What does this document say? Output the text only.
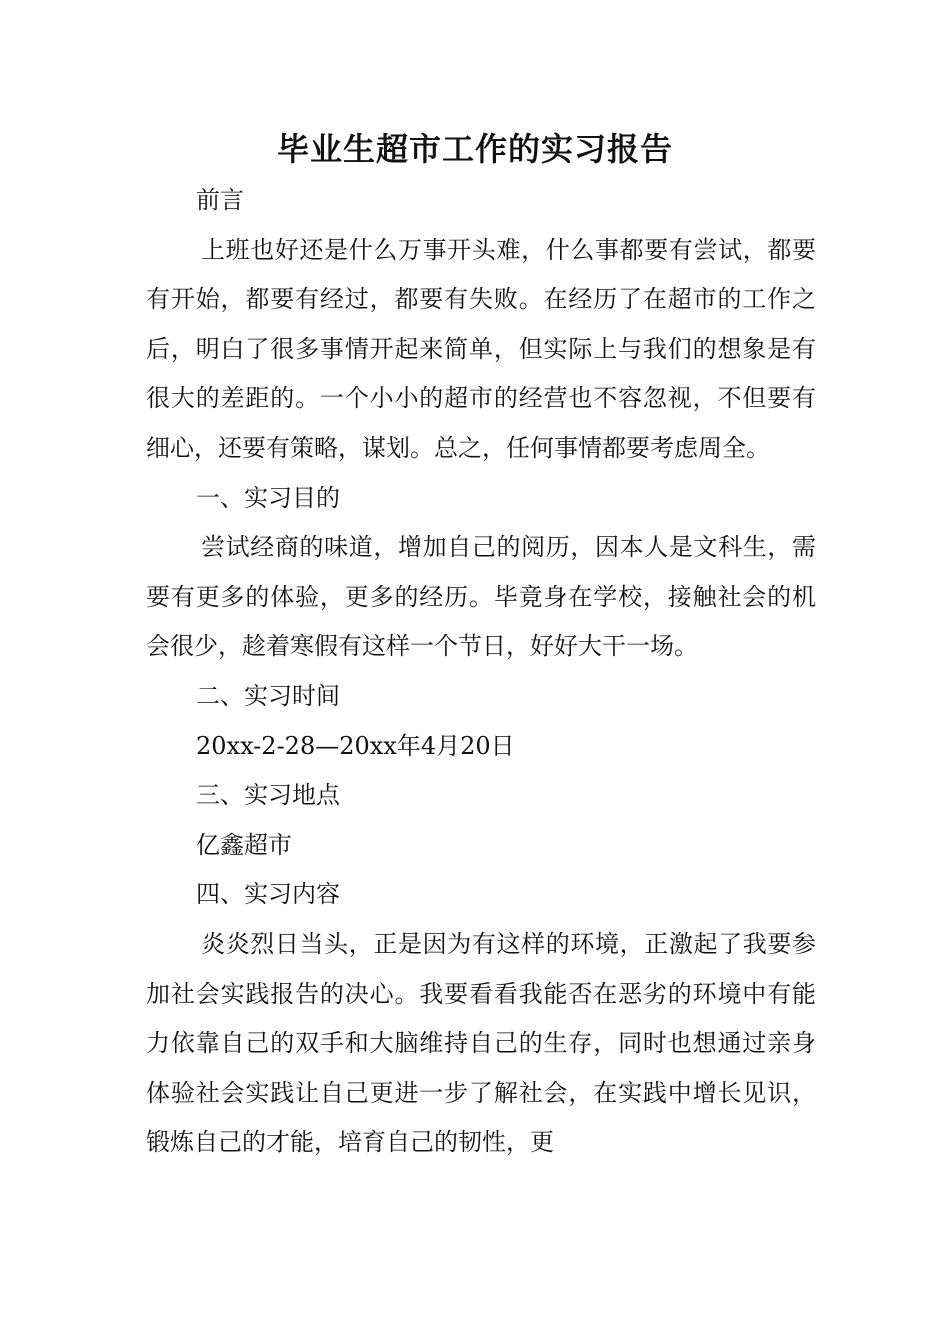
毕业生超市工作的实习报告

前言

上班也好还是什么万事开头难，什么事都要有尝试，都要有开始，都要有经过，都要有失败。在经历了在超市的工作之后，明白了很多事情开起来简单，但实际上与我们的想象是有很大的差距的。一个小小的超市的经营也不容忽视，不但要有细心，还要有策略，谋划。总之，任何事情都要考虑周全。

一、实习目的

尝试经商的味道，增加自己的阅历，因本人是文科生，需要有更多的体验，更多的经历。毕竟身在学校，接触社会的机会很少，趁着寒假有这样一个节日，好好大干一场。

二、实习时间

20xx-2-28—20xx年4月20日

三、实习地点

亿鑫超市

四、实习内容

炎炎烈日当头，正是因为有这样的环境，正激起了我要参加社会实践报告的决心。我要看看我能否在恶劣的环境中有能力依靠自己的双手和大脑维持自己的生存，同时也想通过亲身体验社会实践让自己更进一步了解社会，在实践中增长见识，锻炼自己的才能，培育自己的韧性，更
